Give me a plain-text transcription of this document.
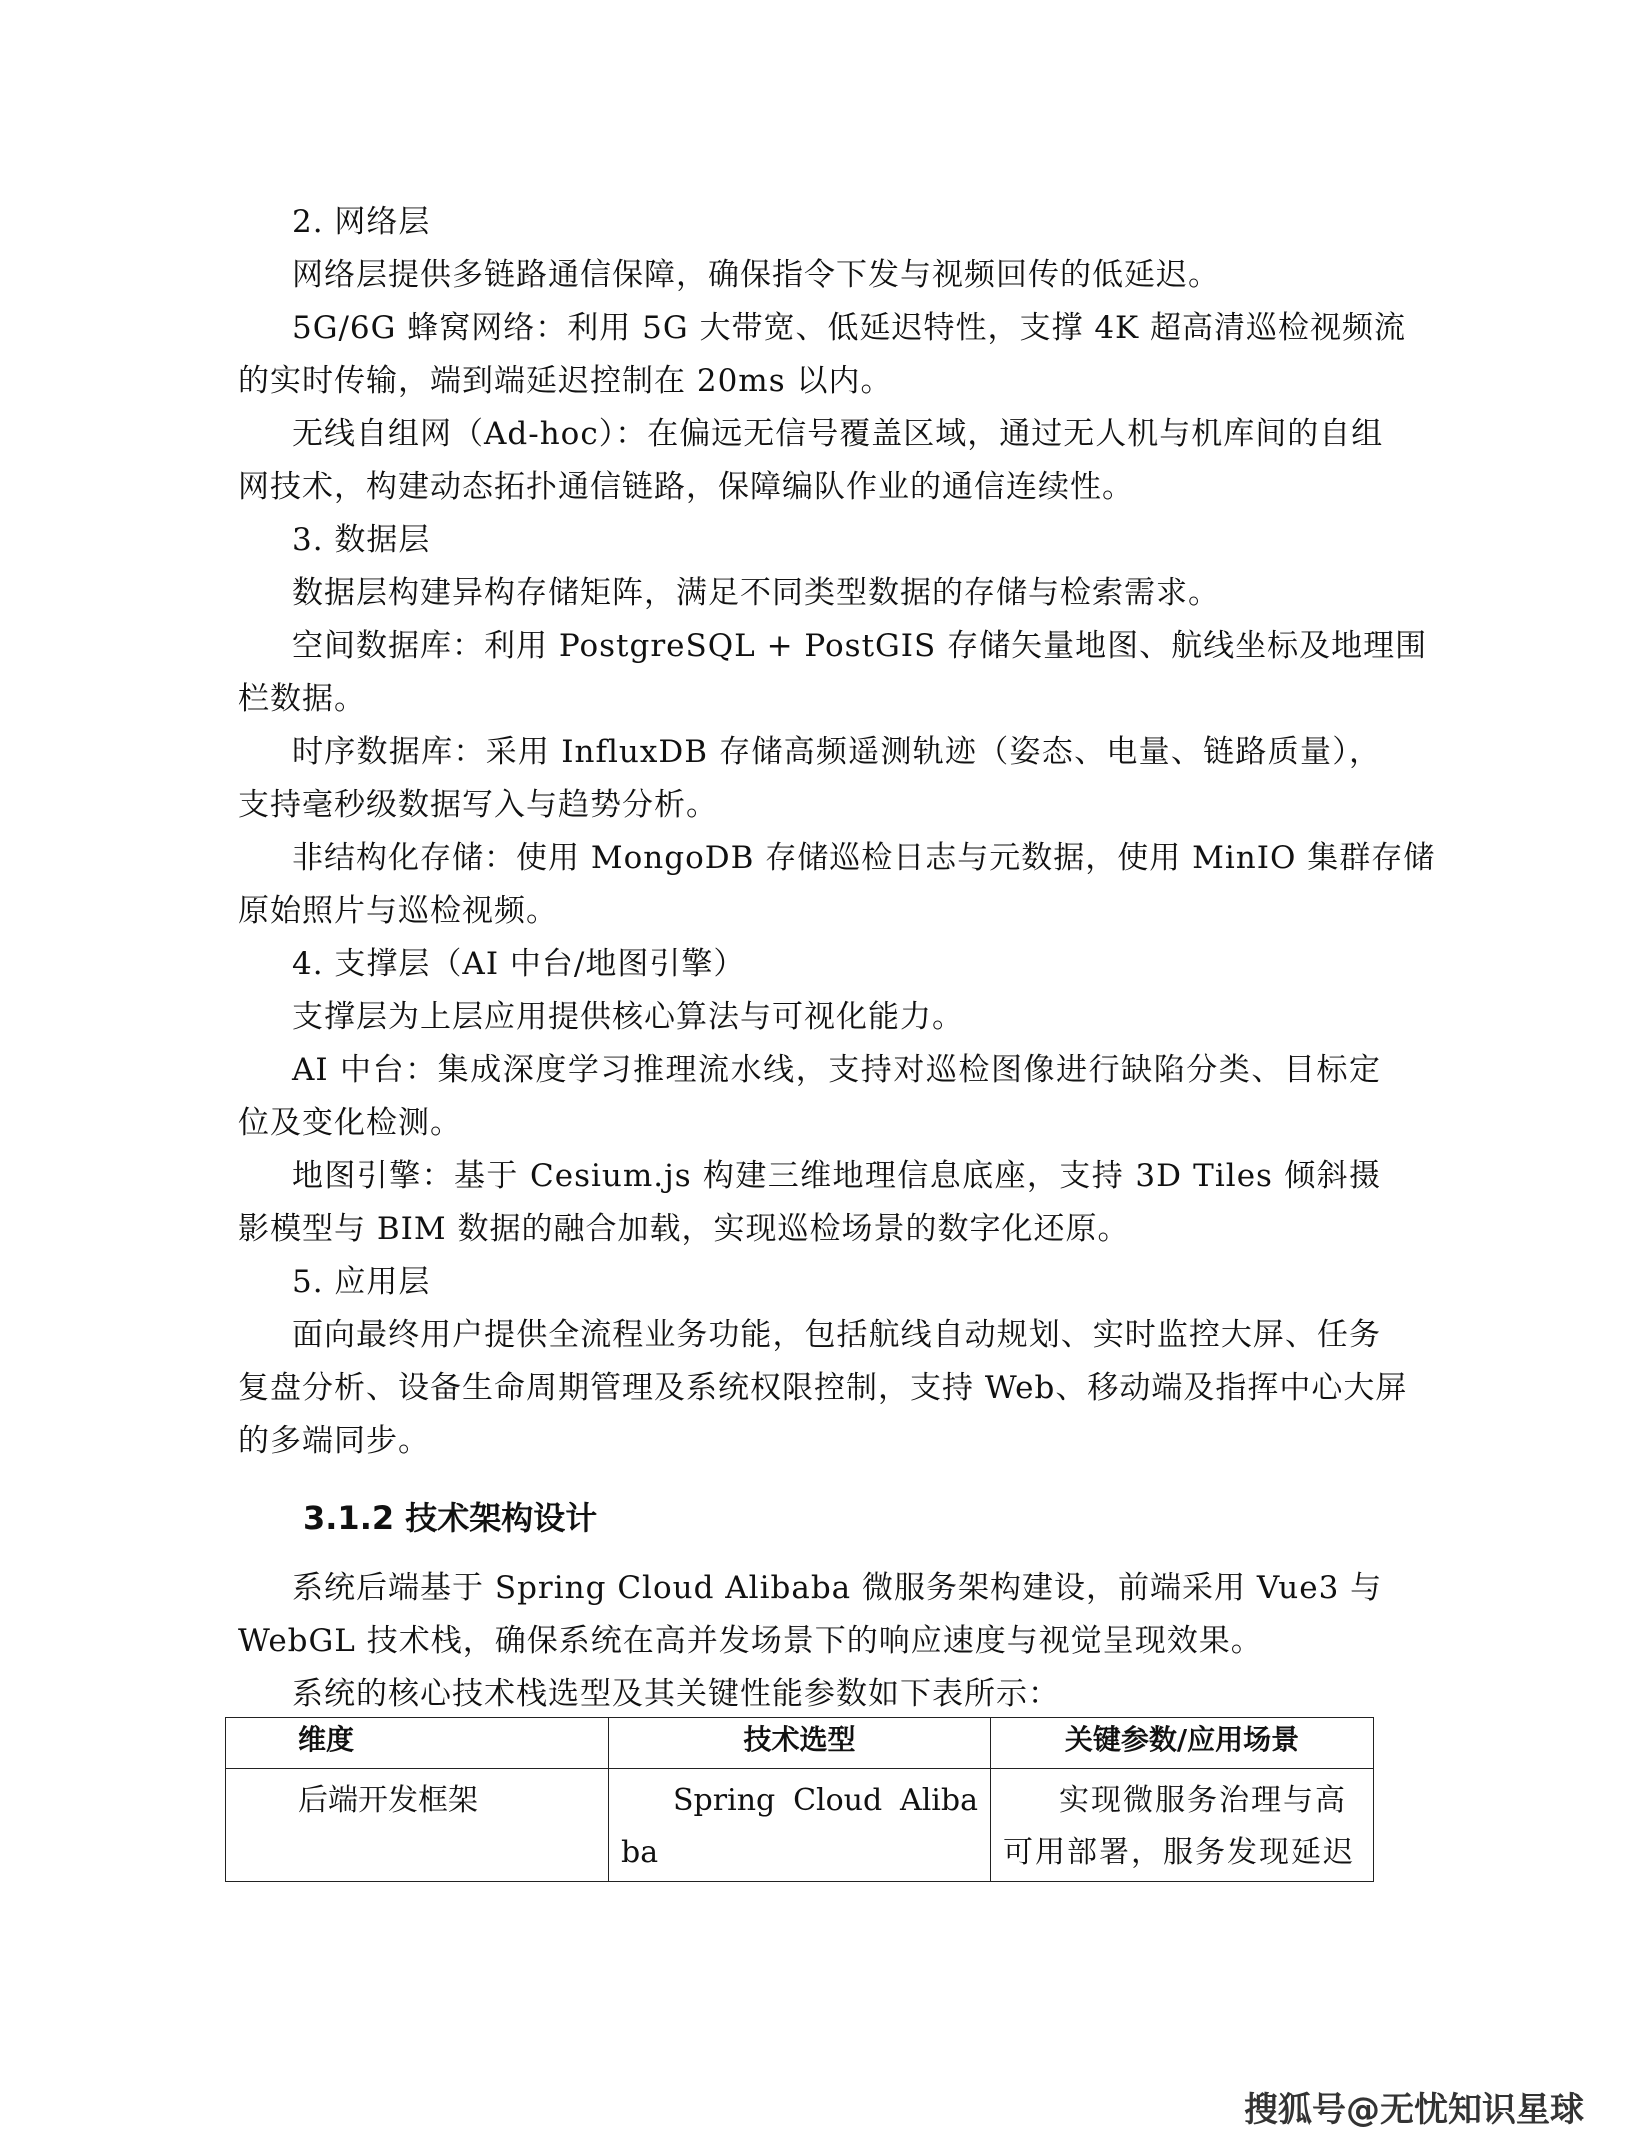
2. 网络层
网络层提供多链路通信保障，确保指令下发与视频回传的低延迟。
5G/6G 蜂窝网络：利用 5G 大带宽、低延迟特性，支撑 4K 超高清巡检视频流
的实时传输，端到端延迟控制在 20ms 以内。
无线自组网（Ad-hoc）：在偏远无信号覆盖区域，通过无人机与机库间的自组
网技术，构建动态拓扑通信链路，保障编队作业的通信连续性。
3. 数据层
数据层构建异构存储矩阵，满足不同类型数据的存储与检索需求。
空间数据库：利用 PostgreSQL + PostGIS 存储矢量地图、航线坐标及地理围
栏数据。
时序数据库：采用 InfluxDB 存储高频遥测轨迹（姿态、电量、链路质量），
支持毫秒级数据写入与趋势分析。
非结构化存储：使用 MongoDB 存储巡检日志与元数据，使用 MinIO 集群存储
原始照片与巡检视频。
4. 支撑层（AI 中台/地图引擎）
支撑层为上层应用提供核心算法与可视化能力。
AI 中台：集成深度学习推理流水线，支持对巡检图像进行缺陷分类、目标定
位及变化检测。
地图引擎：基于 Cesium.js 构建三维地理信息底座，支持 3D Tiles 倾斜摄
影模型与 BIM 数据的融合加载，实现巡检场景的数字化还原。
5. 应用层
面向最终用户提供全流程业务功能，包括航线自动规划、实时监控大屏、任务
复盘分析、设备生命周期管理及系统权限控制，支持 Web、移动端及指挥中心大屏
的多端同步。
3.1.2 技术架构设计
系统后端基于 Spring Cloud Alibaba 微服务架构建设，前端采用 Vue3 与
WebGL 技术栈，确保系统在高并发场景下的响应速度与视觉呈现效果。
系统的核心技术栈选型及其关键性能参数如下表所示：
维度	技术选型	关键参数/应用场景
后端开发框架	Spring Cloud Alibaba	实现微服务治理与高可用部署，服务发现延迟
搜狐号@无忧知识星球
